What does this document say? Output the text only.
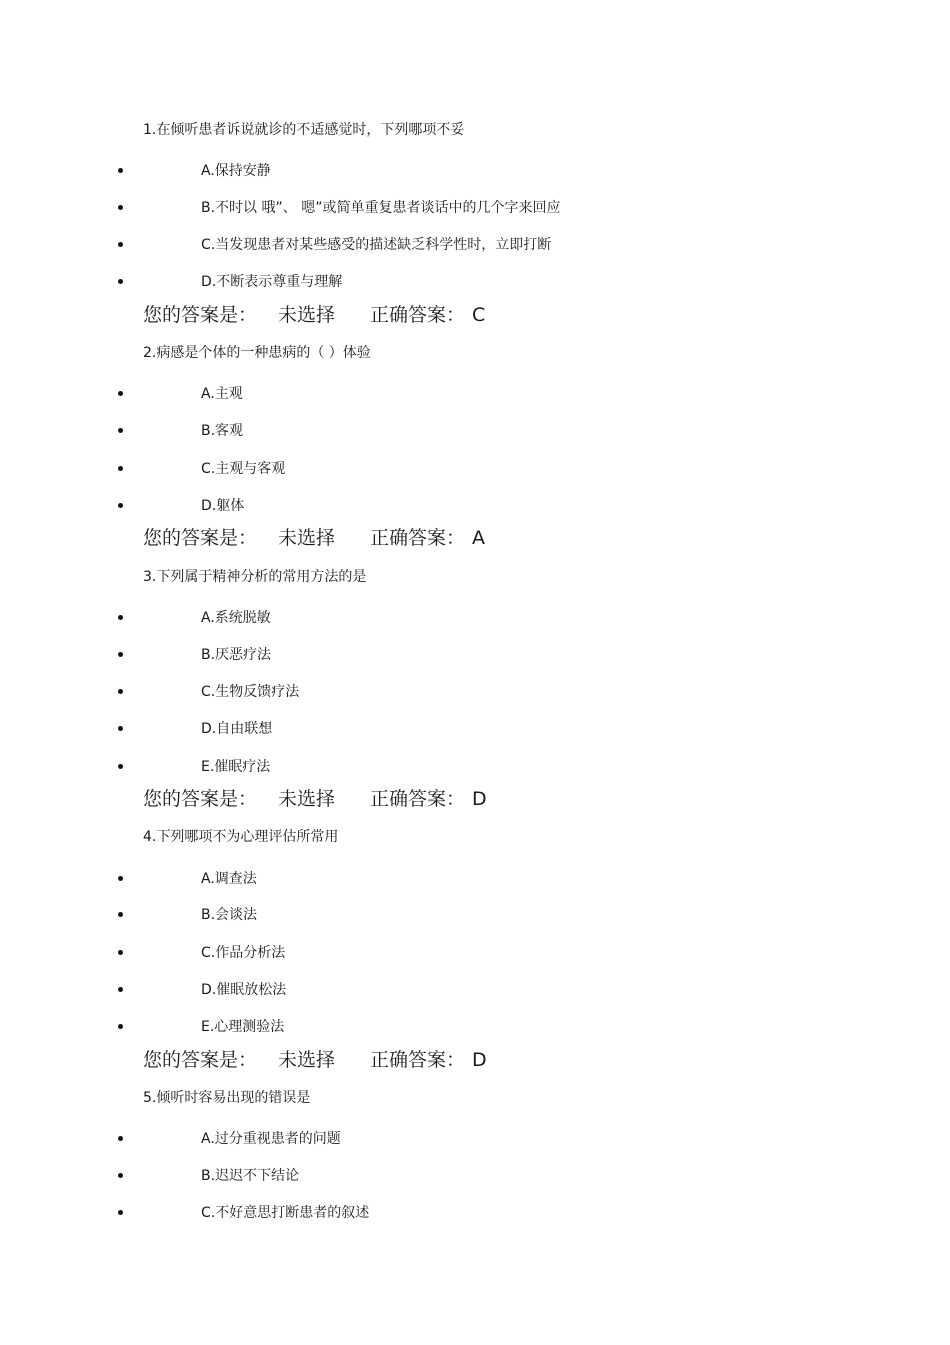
1.在倾听患者诉说就诊的不适感觉时，下列哪项不妥
A.保持安静
B.不时以 哦”、 嗯”或简单重复患者谈话中的几个字来回应
C.当发现患者对某些感受的描述缺乏科学性时，立即打断
D.不断表示尊重与理解
您的答案是： 未选择 正确答案： C
2.病感是个体的一种患病的（ ）体验
A.主观
B.客观
C.主观与客观
D.躯体
您的答案是： 未选择 正确答案： A
3.下列属于精神分析的常用方法的是
A.系统脱敏
B.厌恶疗法
C.生物反馈疗法
D.自由联想
E.催眠疗法
您的答案是： 未选择 正确答案： D
4.下列哪项不为心理评估所常用
A.调查法
B.会谈法
C.作品分析法
D.催眠放松法
E.心理测验法
您的答案是： 未选择 正确答案： D
5.倾听时容易出现的错误是
A.过分重视患者的问题
B.迟迟不下结论
C.不好意思打断患者的叙述
